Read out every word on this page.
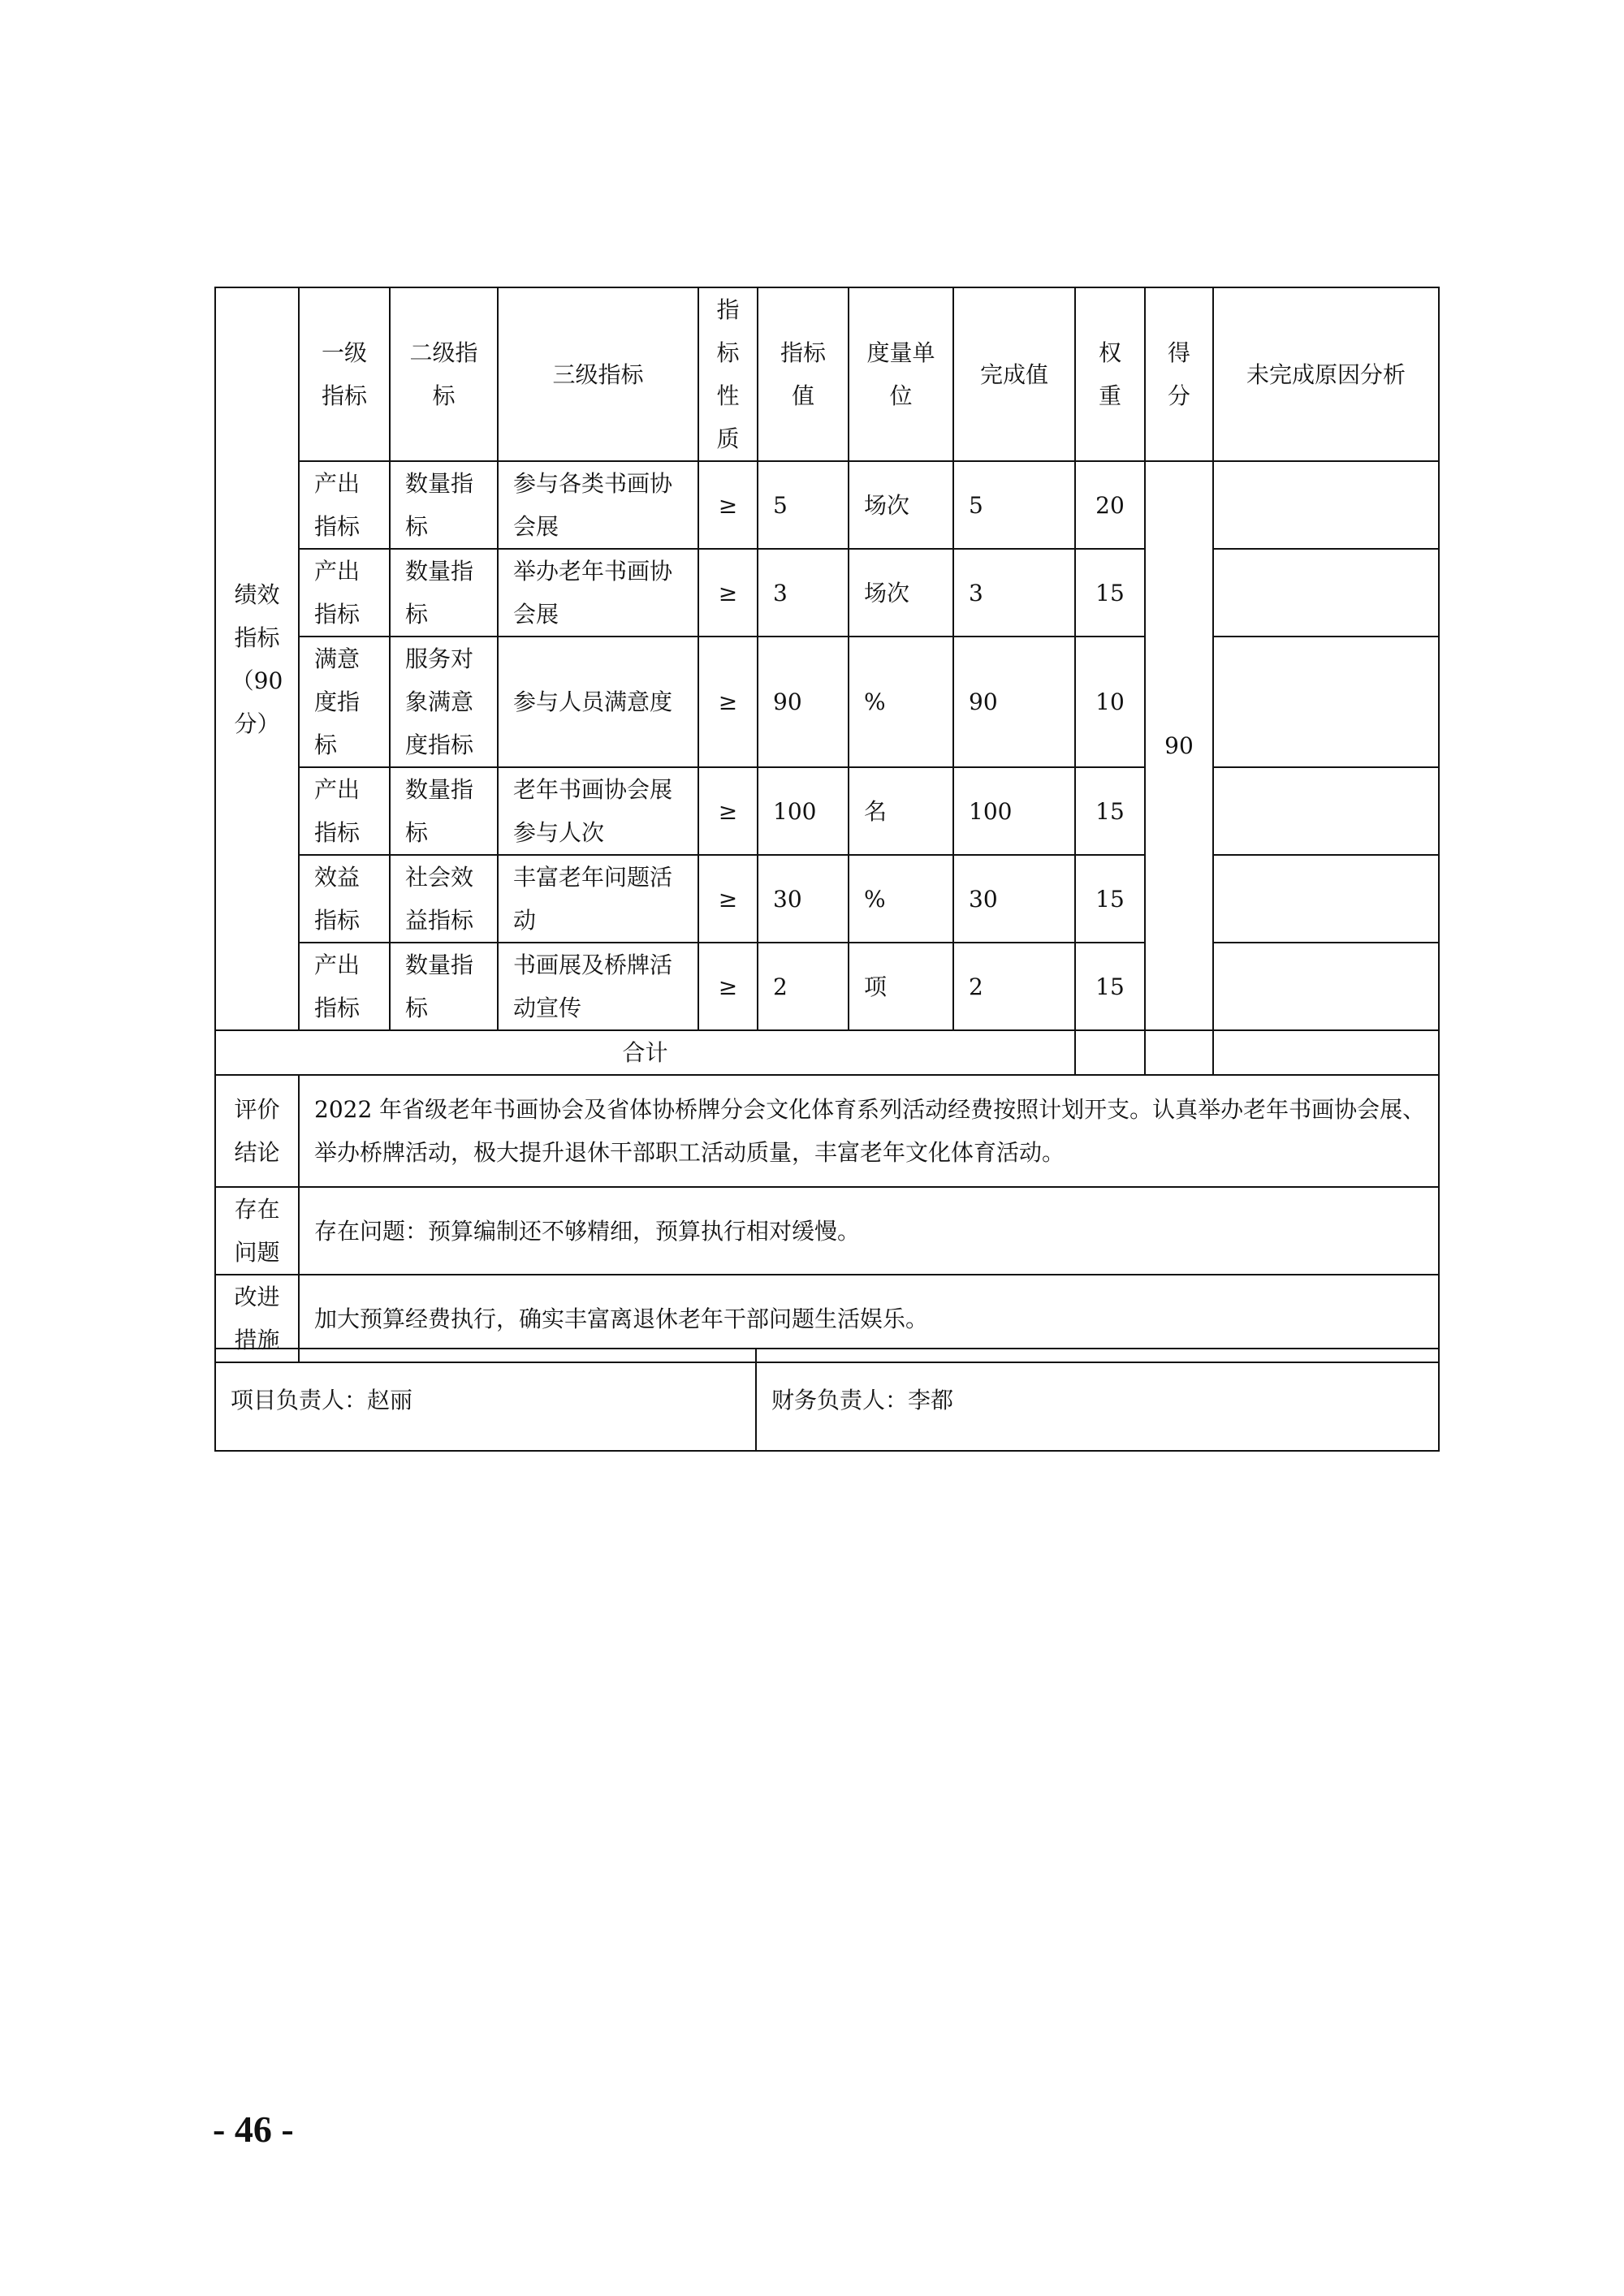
绩效指标（90分）	一级指标	二级指标	三级指标	指标性质	指标值	度量单位	完成值	权重	得分	未完成原因分析
	产出指标	数量指标	参与各类书画协会展	≥	5	场次	5	20	90	
	产出指标	数量指标	举办老年书画协会展	≥	3	场次	3	15		
	满意度指标	服务对象满意度指标	参与人员满意度	≥	90	%	90	10		
	产出指标	数量指标	老年书画协会展参与人次	≥	100	名	100	15		
	效益指标	社会效益指标	丰富老年问题活动	≥	30	%	30	15		
	产出指标	数量指标	书画展及桥牌活动宣传	≥	2	项	2	15		
合计										
评价结论	2022 年省级老年书画协会及省体协桥牌分会文化体育系列活动经费按照计划开支。认真举办老年书画协会展、举办桥牌活动，极大提升退休干部职工活动质量，丰富老年文化体育活动。									
存在问题	存在问题：预算编制还不够精细，预算执行相对缓慢。									
改进措施	加大预算经费执行，确实丰富离退休老年干部问题生活娱乐。									
项目负责人：赵丽	财务负责人：李都
- 46 -
